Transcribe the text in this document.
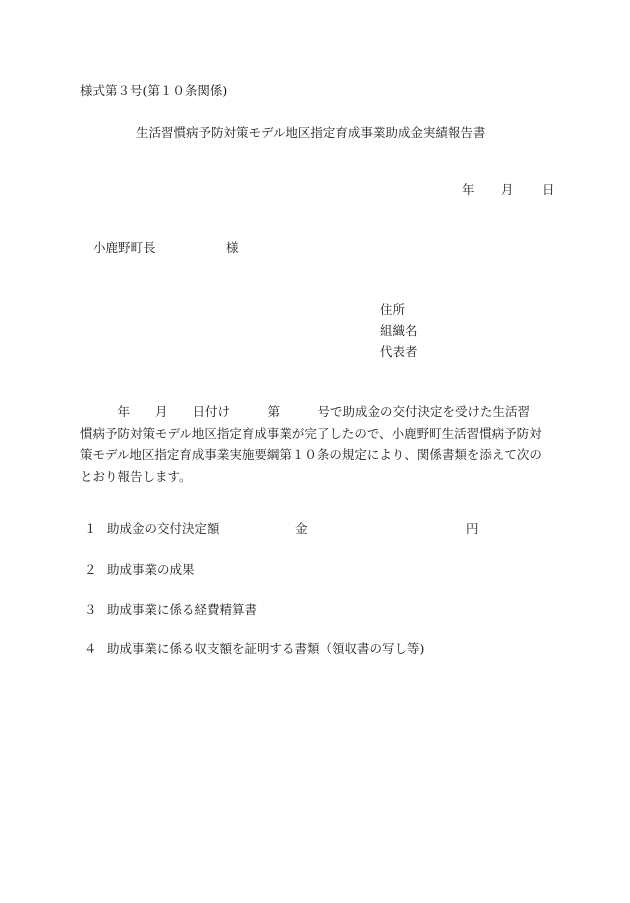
様式第３号(第１０条関係)
生活習慣病予防対策モデル地区指定育成事業助成金実績報告書
年 月 日
小鹿野町長	様
住所
組織名
代表者
　　　年　　月　　日付け　　　第　　　号で助成金の交付決定を受けた生活習
慣病予防対策モデル地区指定育成事業が完了したので、小鹿野町生活習慣病予防対
策モデル地区指定育成事業実施要綱第１０条の規定により、関係書類を添えて次の
とおり報告します。
１ 助成金の交付決定額	金	円
２ 助成事業の成果
３ 助成事業に係る経費精算書
４ 助成事業に係る収支額を証明する書類（領収書の写し等)
